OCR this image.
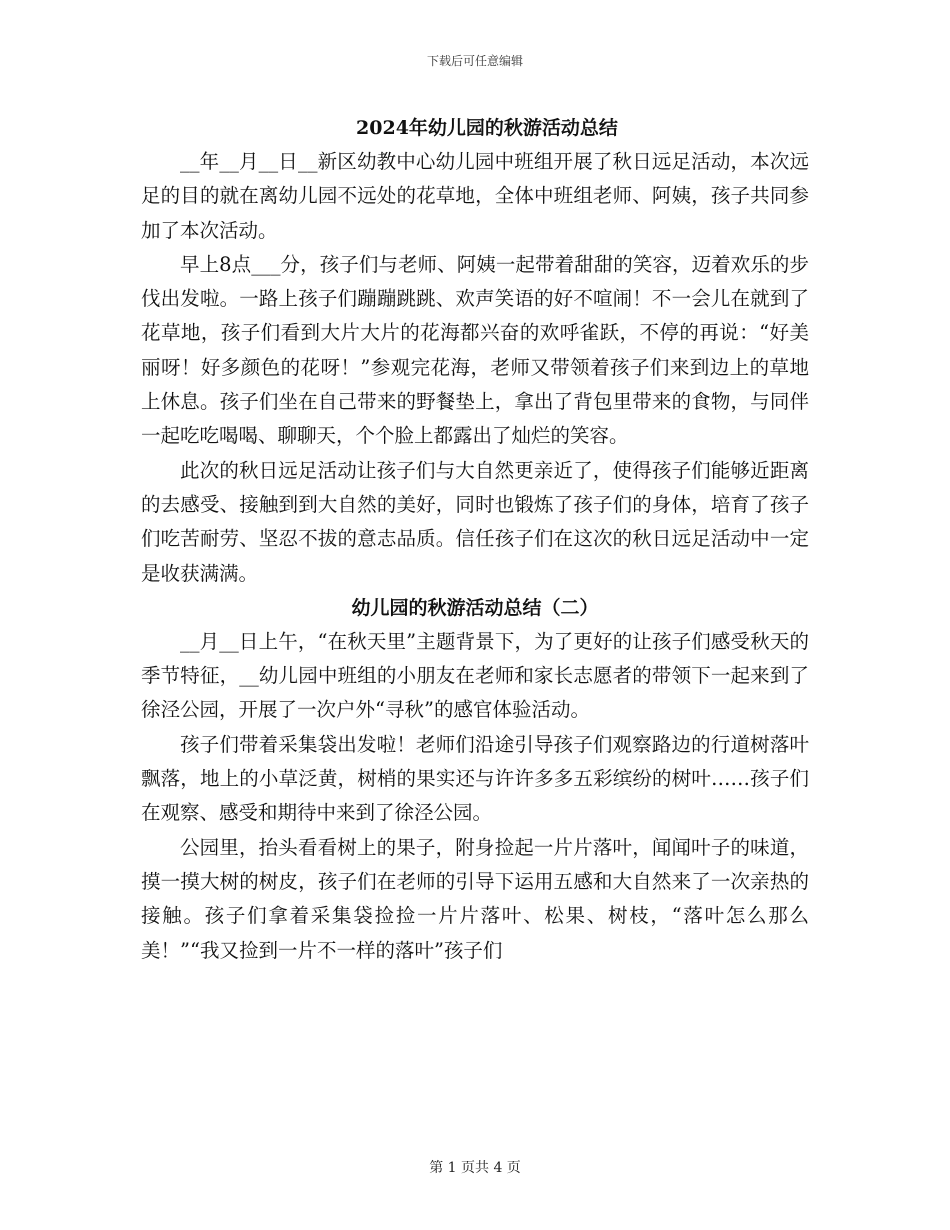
下载后可任意编辑
2024年幼儿园的秋游活动总结

__年__月__日__新区幼教中心幼儿园中班组开展了秋日远足活动，本次远足的目的就在离幼儿园不远处的花草地，全体中班组老师、阿姨，孩子共同参加了本次活动。

早上8点___分，孩子们与老师、阿姨一起带着甜甜的笑容，迈着欢乐的步伐出发啦。一路上孩子们蹦蹦跳跳、欢声笑语的好不喧闹！不一会儿在就到了花草地，孩子们看到大片大片的花海都兴奋的欢呼雀跃，不停的再说：“好美丽呀！好多颜色的花呀！”参观完花海，老师又带领着孩子们来到边上的草地上休息。孩子们坐在自己带来的野餐垫上，拿出了背包里带来的食物，与同伴一起吃吃喝喝、聊聊天，个个脸上都露出了灿烂的笑容。

此次的秋日远足活动让孩子们与大自然更亲近了，使得孩子们能够近距离的去感受、接触到到大自然的美好，同时也锻炼了孩子们的身体，培育了孩子们吃苦耐劳、坚忍不拔的意志品质。信任孩子们在这次的秋日远足活动中一定是收获满满。

幼儿园的秋游活动总结（二）

__月__日上午，“在秋天里”主题背景下，为了更好的让孩子们感受秋天的季节特征，__幼儿园中班组的小朋友在老师和家长志愿者的带领下一起来到了徐泾公园，开展了一次户外“寻秋”的感官体验活动。

孩子们带着采集袋出发啦！老师们沿途引导孩子们观察路边的行道树落叶飘落，地上的小草泛黄，树梢的果实还与许许多多五彩缤纷的树叶……孩子们在观察、感受和期待中来到了徐泾公园。

公园里，抬头看看树上的果子，附身捡起一片片落叶，闻闻叶子的味道，摸一摸大树的树皮，孩子们在老师的引导下运用五感和大自然来了一次亲热的接触。孩子们拿着采集袋捡捡一片片落叶、松果、树枝，“落叶怎么那么美！”“我又捡到一片不一样的落叶”孩子们

第 1 页共 4 页
